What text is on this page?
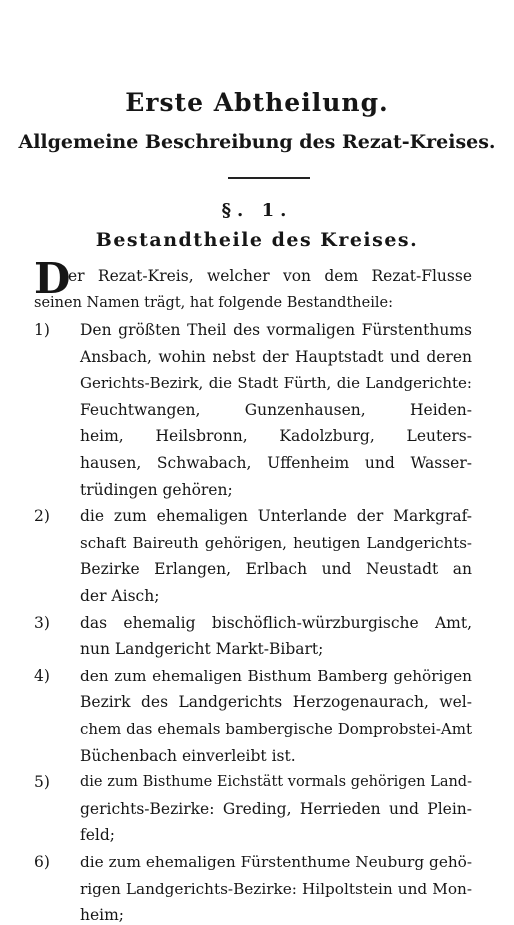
Erste Abtheilung.
Allgemeine Beschreibung des Rezat-Kreises.
§. 1.
Bestandtheile des Kreises.
D
er Rezat-Kreis, welcher von dem Rezat-Flusse
seinen Namen trägt, hat folgende Bestandtheile:
1) Den größten Theil des vormaligen Fürstenthums
Ansbach, wohin nebst der Hauptstadt und deren
Gerichts-Bezirk, die Stadt Fürth, die Landgerichte:
Feuchtwangen, Gunzenhausen, Heiden-
heim, Heilsbronn, Kadolzburg, Leuters-
hausen, Schwabach, Uffenheim und Wasser-
trüdingen gehören;
2) die zum ehemaligen Unterlande der Markgraf-
schaft Baireuth gehörigen, heutigen Landgerichts-
Bezirke Erlangen, Erlbach und Neustadt an
der Aisch;
3) das ehemalig bischöflich-würzburgische Amt,
nun Landgericht Markt-Bibart;
4) den zum ehemaligen Bisthum Bamberg gehörigen
Bezirk des Landgerichts Herzogenaurach, wel-
chem das ehemals bambergische Domprobstei-Amt
Büchenbach einverleibt ist.
5) die zum Bisthume Eichstätt vormals gehörigen Land-
gerichts-Bezirke: Greding, Herrieden und Plein-
feld;
6) die zum ehemaligen Fürstenthume Neuburg gehö-
rigen Landgerichts-Bezirke: Hilpoltstein und Mon-
heim;
